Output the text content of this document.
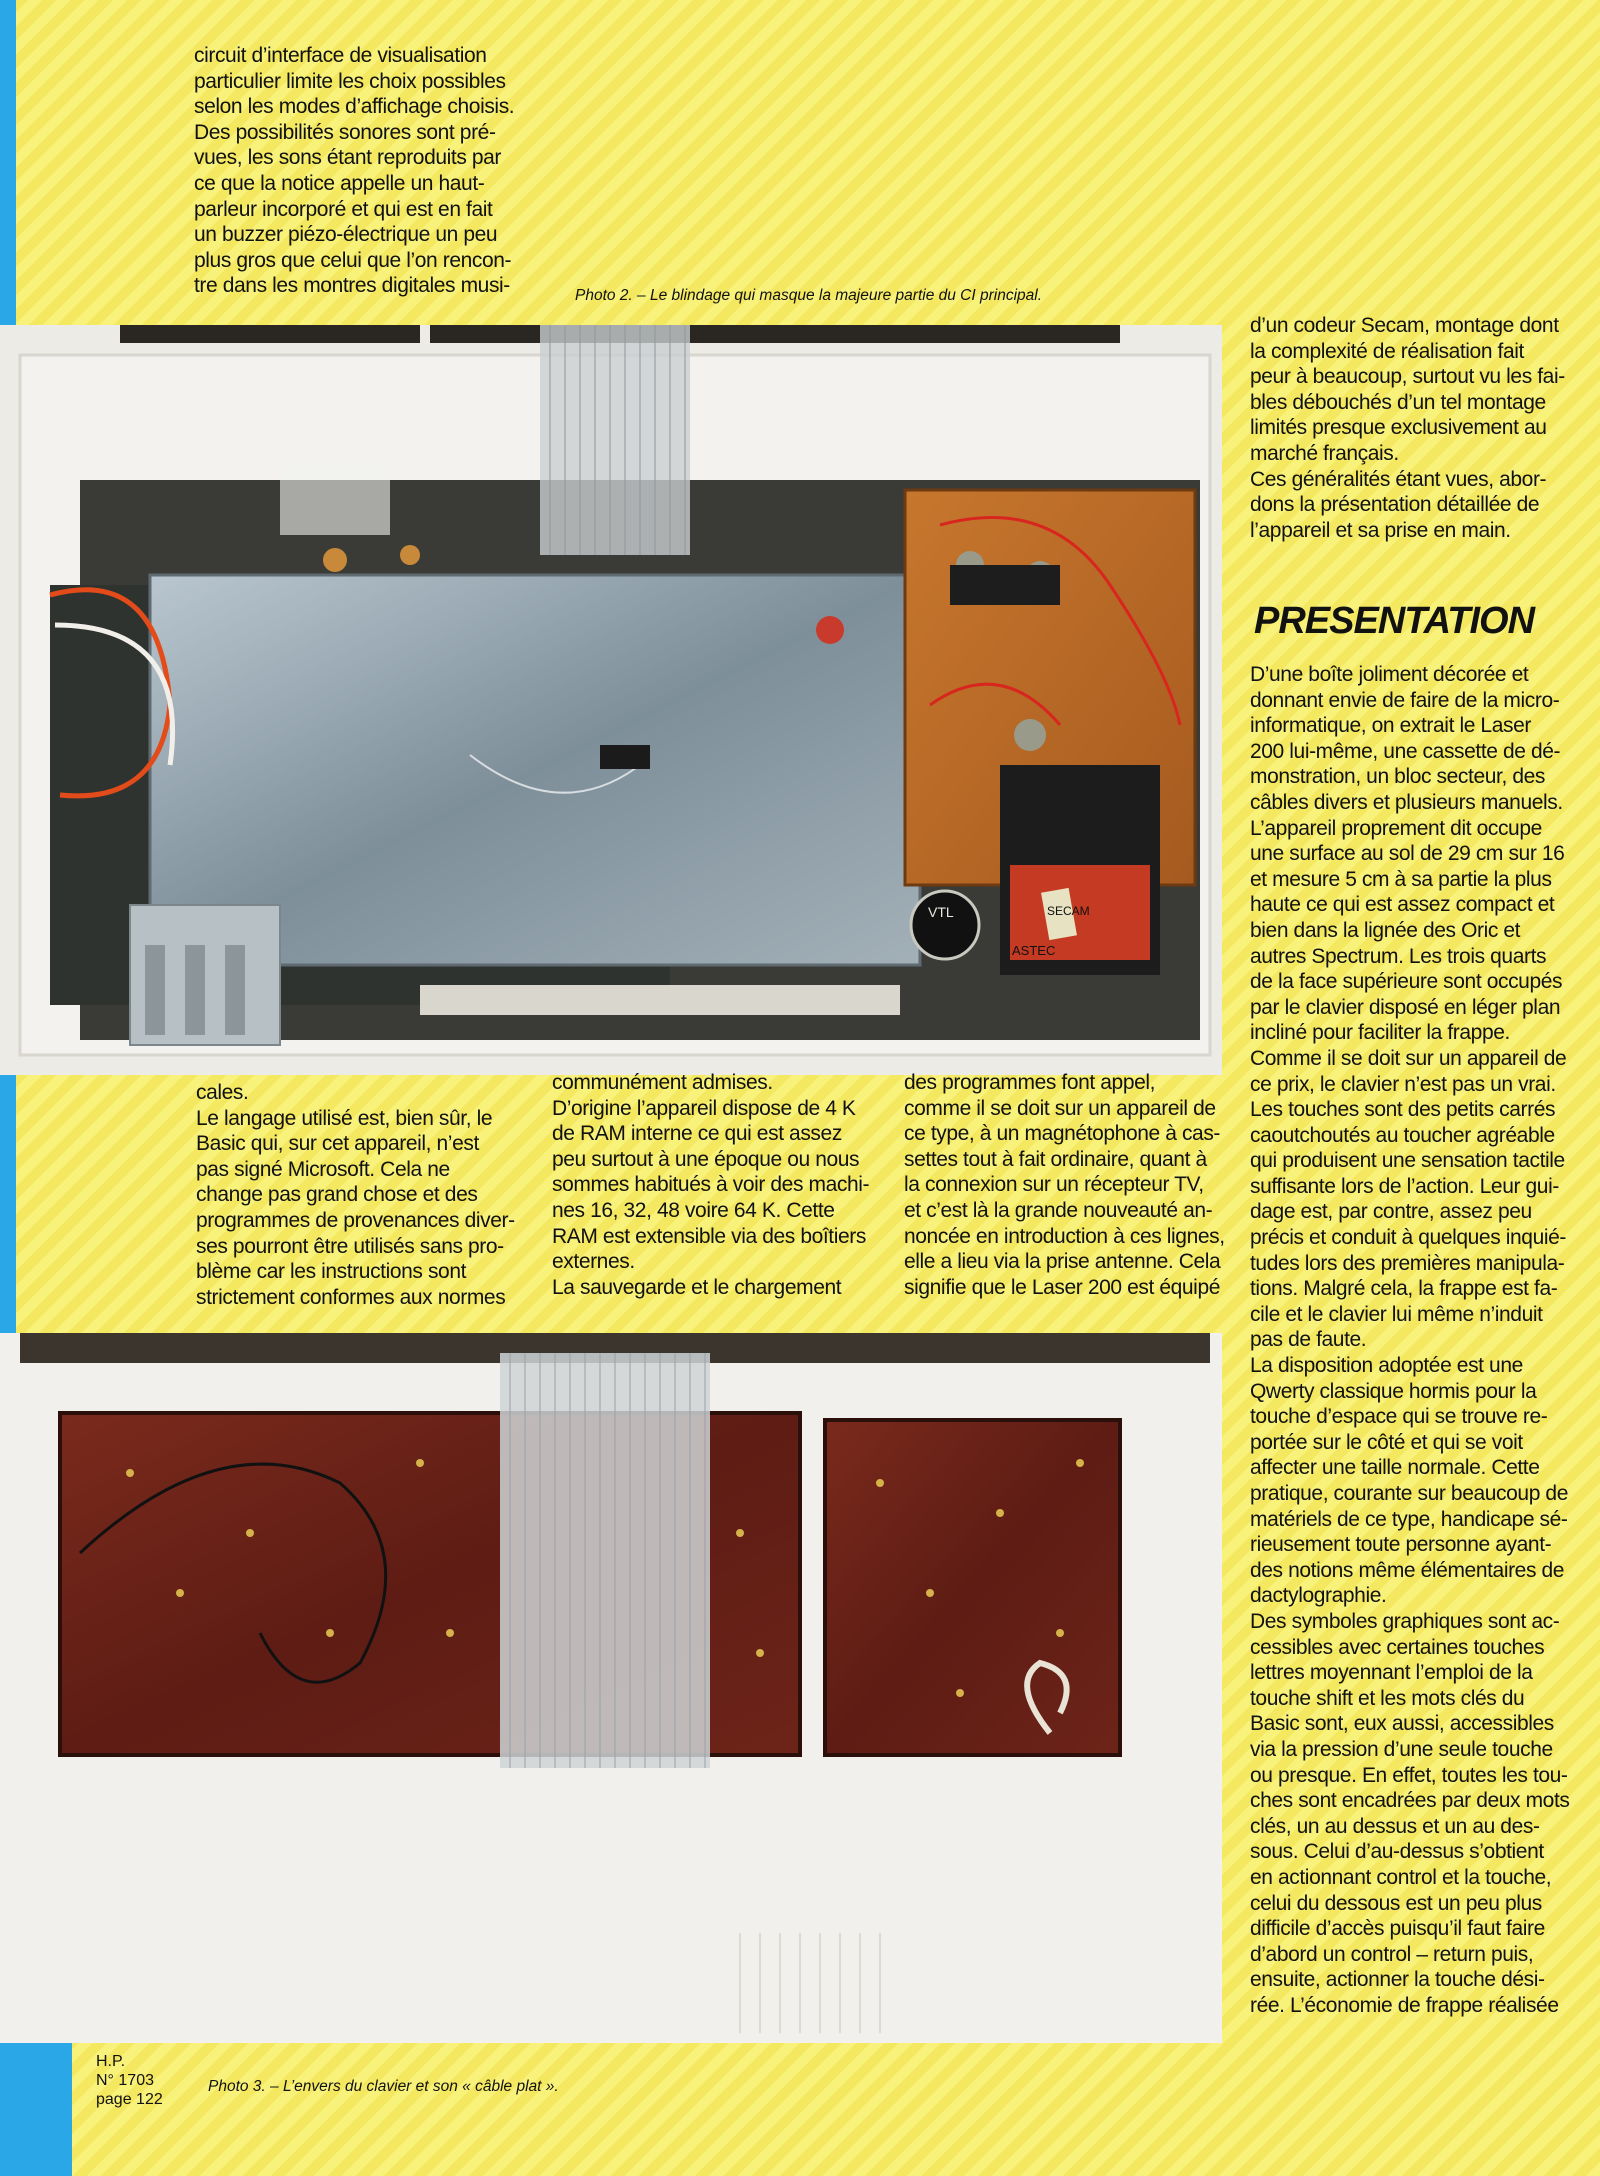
circuit d’interface de visualisation
particulier limite les choix possibles
selon les modes d’affichage choisis.
Des possibilités sonores sont pré-
vues, les sons étant reproduits par
ce que la notice appelle un haut-
parleur incorporé et qui est en fait
un buzzer piézo-électrique un peu
plus gros que celui que l’on rencon-
tre dans les montres digitales musi-	Photo 2. – Le blindage qui masque la majeure partie du CI principal.
VTL
ASTEC
SECAM

d’un codeur Secam, montage dont
la complexité de réalisation fait
peur à beaucoup, surtout vu les fai-
bles débouchés d’un tel montage
limités presque exclusivement au
marché français.
Ces généralités étant vues, abor-
dons la présentation détaillée de
l’appareil et sa prise en main.

PRESENTATION

D’une boîte joliment décorée et
donnant envie de faire de la micro-
informatique, on extrait le Laser
200 lui-même, une cassette de dé-
monstration, un bloc secteur, des
câbles divers et plusieurs manuels.
L’appareil proprement dit occupe
une surface au sol de 29 cm sur 16
et mesure 5 cm à sa partie la plus
haute ce qui est assez compact et
bien dans la lignée des Oric et
autres Spectrum. Les trois quarts
de la face supérieure sont occupés
par le clavier disposé en léger plan
incliné pour faciliter la frappe.
Comme il se doit sur un appareil de
ce prix, le clavier n’est pas un vrai.
Les touches sont des petits carrés
caoutchoutés au toucher agréable
qui produisent une sensation tactile
suffisante lors de l’action. Leur gui-
dage est, par contre, assez peu
précis et conduit à quelques inquié-
tudes lors des premières manipula-
tions. Malgré cela, la frappe est fa-
cile et le clavier lui même n’induit
pas de faute.
La disposition adoptée est une
Qwerty classique hormis pour la
touche d’espace qui se trouve re-
portée sur le côté et qui se voit
affecter une taille normale. Cette
pratique, courante sur beaucoup de
matériels de ce type, handicape sé-
rieusement toute personne ayant-
des notions même élémentaires de
dactylographie.
Des symboles graphiques sont ac-
cessibles avec certaines touches
lettres moyennant l’emploi de la
touche shift et les mots clés du
Basic sont, eux aussi, accessibles
via la pression d’une seule touche
ou presque. En effet, toutes les tou-
ches sont encadrées par deux mots
clés, un au dessus et un au des-
sous. Celui d’au-dessus s’obtient
en actionnant control et la touche,
celui du dessous est un peu plus
difficile d’accès puisqu’il faut faire
d’abord un control – return puis,
ensuite, actionner la touche dési-
rée. L’économie de frappe réalisée

cales.
Le langage utilisé est, bien sûr, le
Basic qui, sur cet appareil, n’est
pas signé Microsoft. Cela ne
change pas grand chose et des
programmes de provenances diver-
ses pourront être utilisés sans pro-
blème car les instructions sont
strictement conformes aux normes

communément admises.
D’origine l’appareil dispose de 4 K
de RAM interne ce qui est assez
peu surtout à une époque ou nous
sommes habitués à voir des machi-
nes 16, 32, 48 voire 64 K. Cette
RAM est extensible via des boîtiers
externes.
La sauvegarde et le chargement

des programmes font appel,
comme il se doit sur un appareil de
ce type, à un magnétophone à cas-
settes tout à fait ordinaire, quant à
la connexion sur un récepteur TV,
et c’est là la grande nouveauté an-
noncée en introduction à ces lignes,
elle a lieu via la prise antenne. Cela
signifie que le Laser 200 est équipé

Photo 3. – L’envers du clavier et son « câble plat ».
H.P.
N° 1703
page 122
